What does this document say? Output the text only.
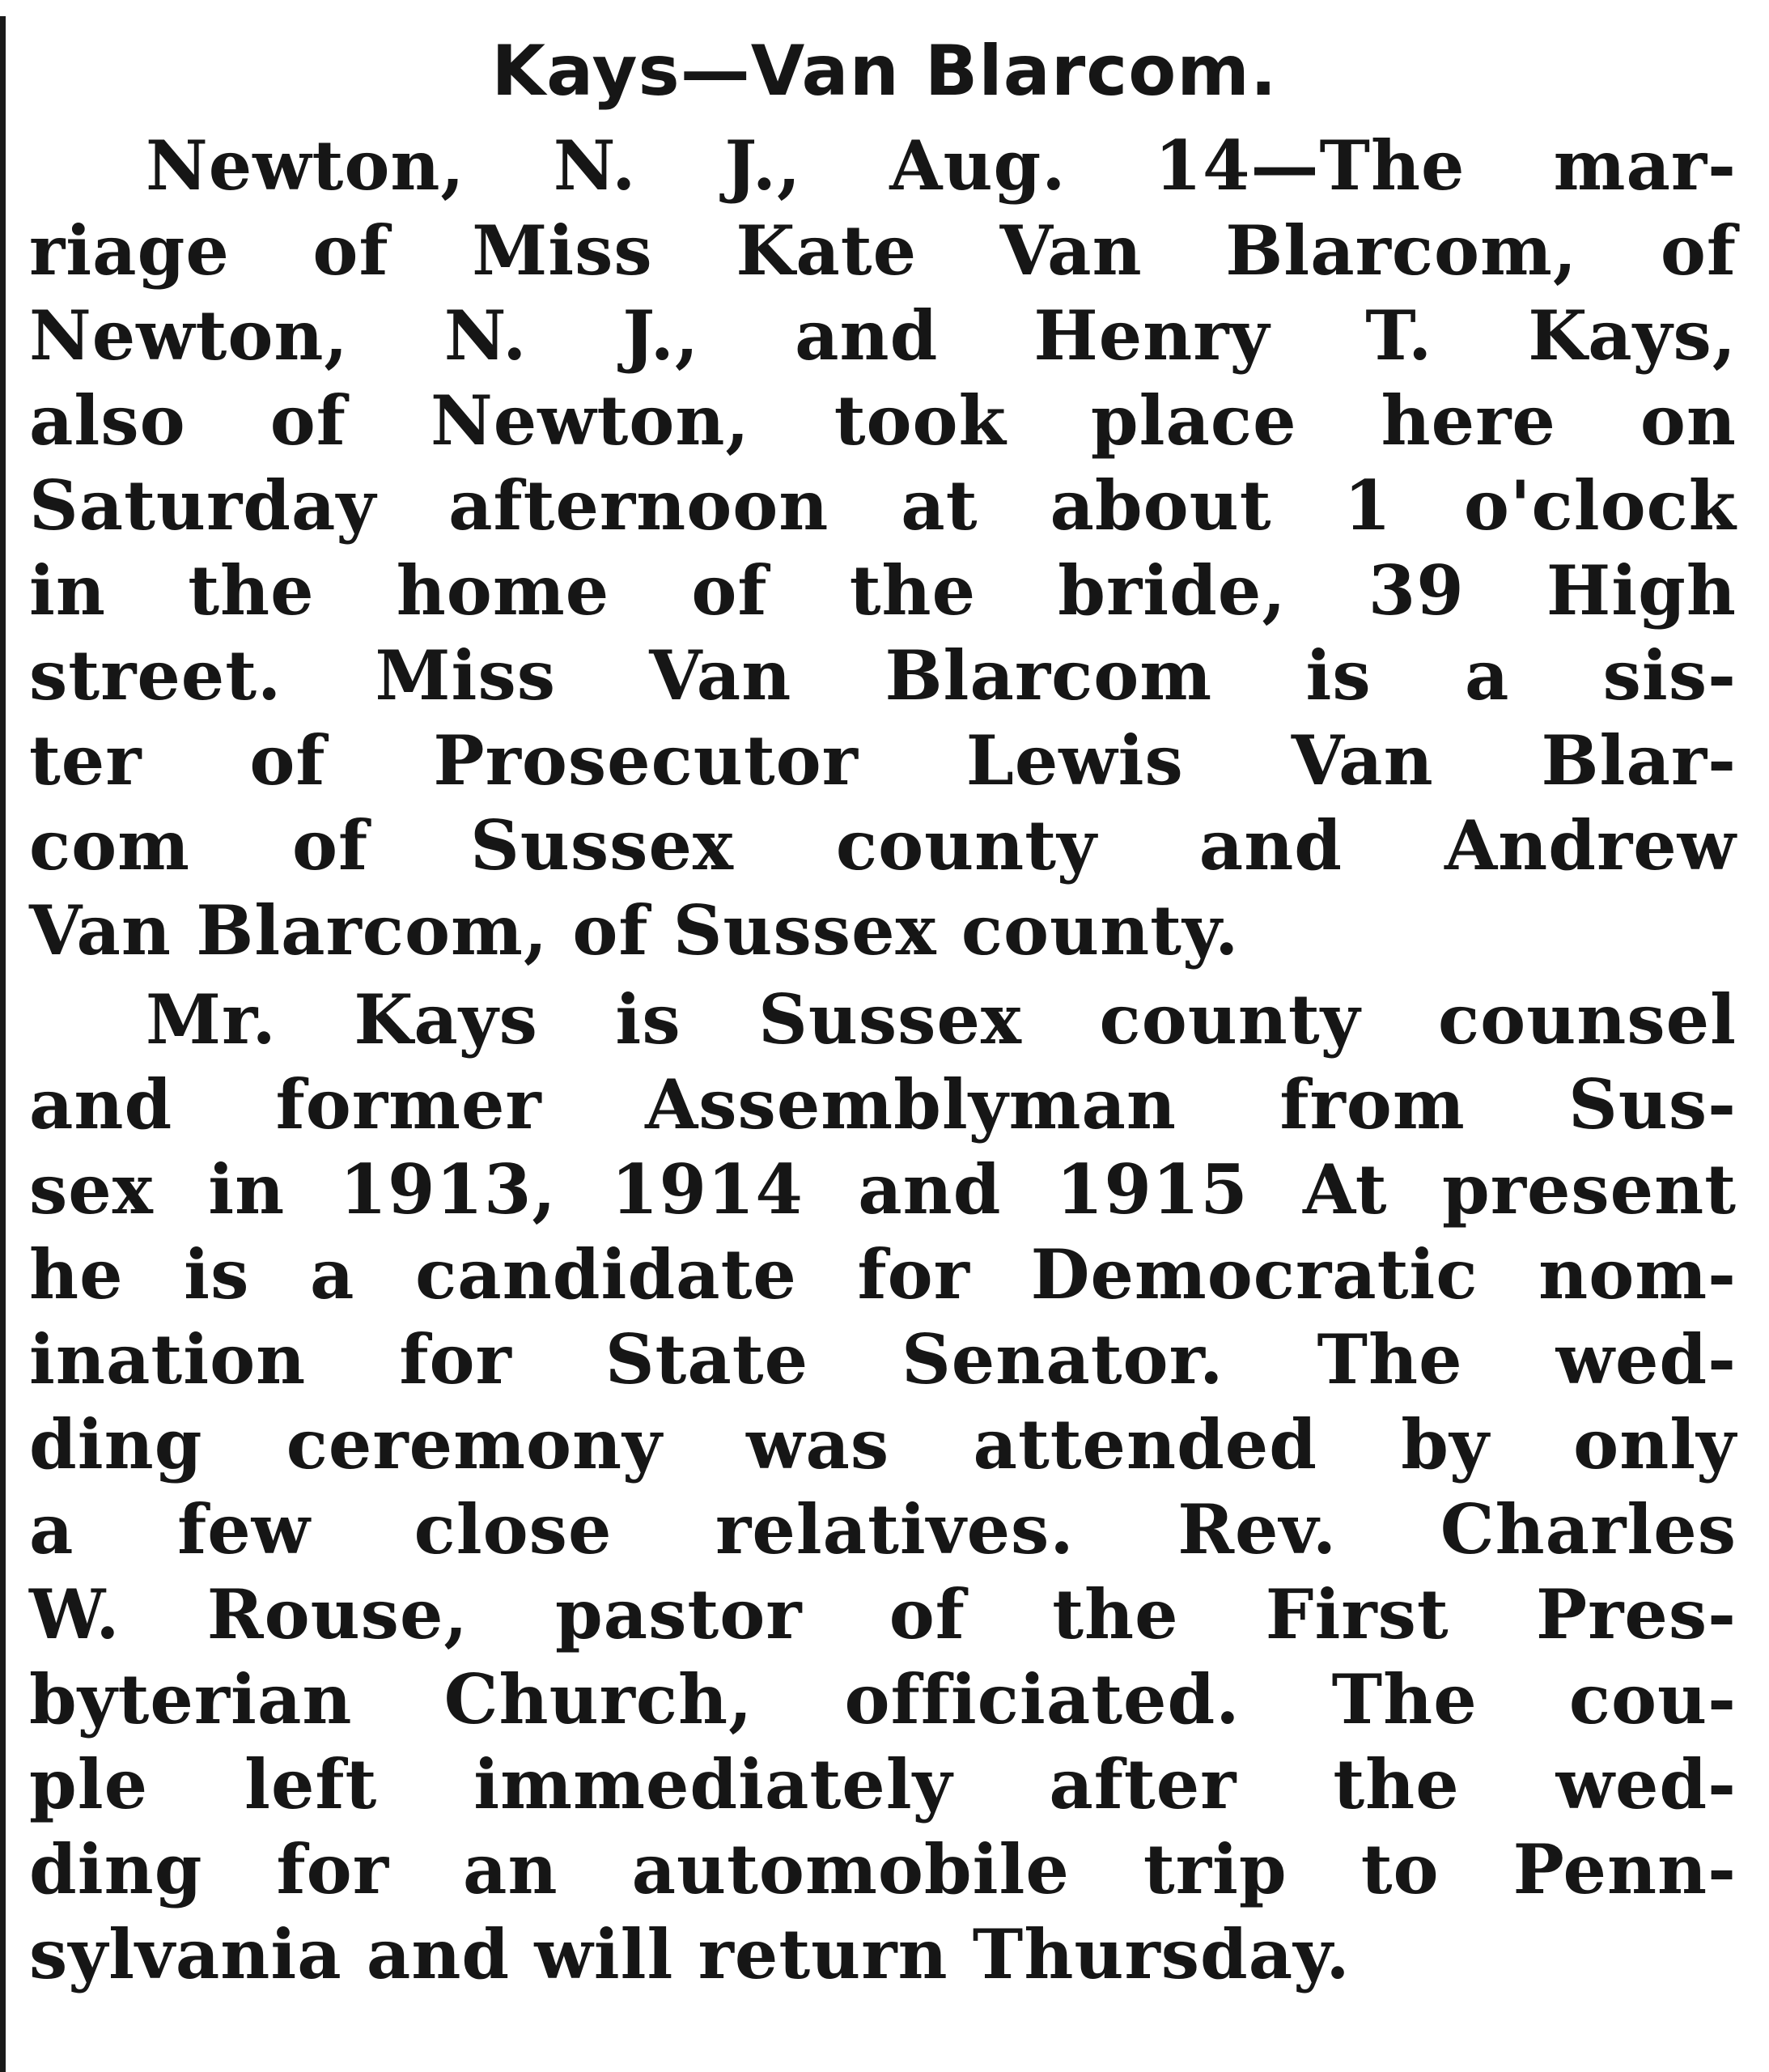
Kays—Van Blarcom.
Newton, N. J., Aug. 14—The mar-
riage of Miss Kate Van Blarcom, of
Newton, N. J., and Henry T. Kays,
also of Newton, took place here on
Saturday afternoon at about 1 o'clock
in the home of the bride, 39 High
street. Miss Van Blarcom is a sis-
ter of Prosecutor Lewis Van Blar-
com of Sussex county and Andrew
Van Blarcom, of Sussex county.
Mr. Kays is Sussex county counsel
and former Assemblyman from Sus-
sex in 1913, 1914 and 1915 At present
he is a candidate for Democratic nom-
ination for State Senator. The wed-
ding ceremony was attended by only
a few close relatives. Rev. Charles
W. Rouse, pastor of the First Pres-
byterian Church, officiated. The cou-
ple left immediately after the wed-
ding for an automobile trip to Penn-
sylvania and will return Thursday.
